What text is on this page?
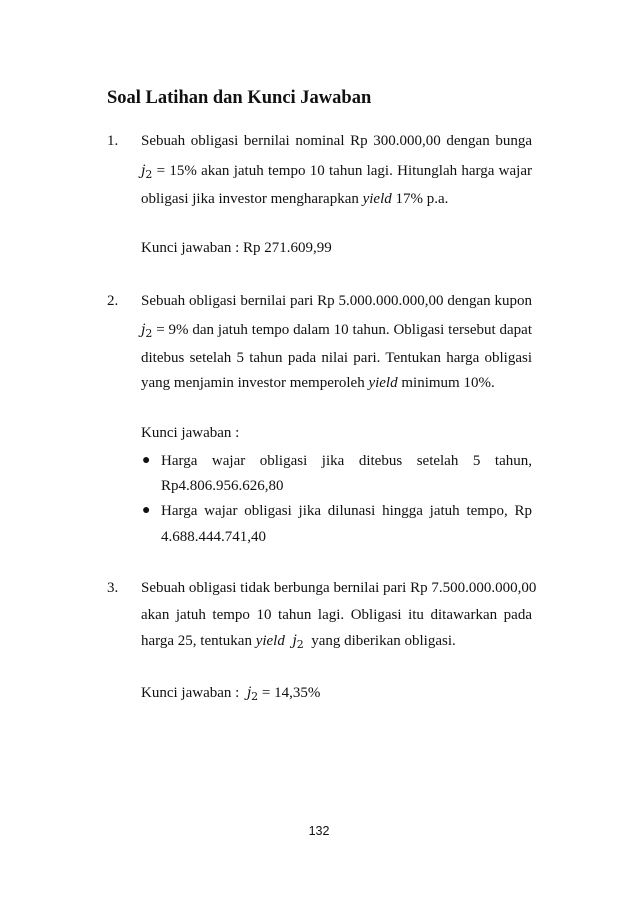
Soal Latihan dan Kunci Jawaban
1. Sebuah obligasi bernilai nominal Rp 300.000,00 dengan bunga
$j_2 = 15\%$ akan jatuh tempo 10 tahun lagi. Hitunglah harga wajar
obligasi jika investor mengharapkan yield 17% p.a.
Kunci jawaban : Rp 271.609,99
2. Sebuah obligasi bernilai pari Rp 5.000.000.000,00 dengan kupon
$j_2 = 9\%$ dan jatuh tempo dalam 10 tahun. Obligasi tersebut dapat
ditebus setelah 5 tahun pada nilai pari. Tentukan harga obligasi
yang menjamin investor memperoleh yield minimum 10%.
Kunci jawaban :
● Harga wajar obligasi jika ditebus setelah 5 tahun,
Rp4.806.956.626,80
● Harga wajar obligasi jika dilunasi hingga jatuh tempo, Rp
4.688.444.741,40
3. Sebuah obligasi tidak berbunga bernilai pari Rp 7.500.000.000,00
akan jatuh tempo 10 tahun lagi. Obligasi itu ditawarkan pada
harga 25, tentukan yield $j_2$  yang diberikan obligasi.
Kunci jawaban :  $j_2 = 14,35\%$
132
